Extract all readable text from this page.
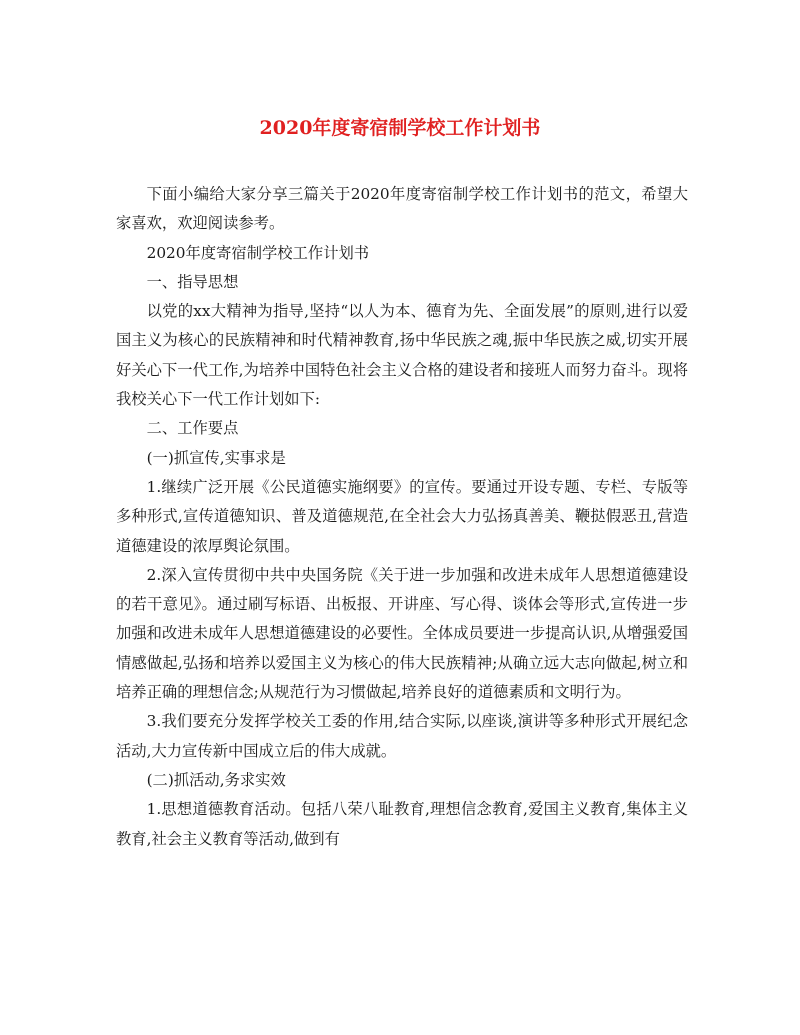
2020年度寄宿制学校工作计划书

下面小编给大家分享三篇关于2020年度寄宿制学校工作计划书的范文，希望大家喜欢，欢迎阅读参考。

2020年度寄宿制学校工作计划书

一、指导思想

以党的xx大精神为指导,坚持“以人为本、德育为先、全面发展”的原则,进行以爱国主义为核心的民族精神和时代精神教育,扬中华民族之魂,振中华民族之威,切实开展好关心下一代工作,为培养中国特色社会主义合格的建设者和接班人而努力奋斗。现将我校关心下一代工作计划如下:

二、工作要点

(一)抓宣传,实事求是

1.继续广泛开展《公民道德实施纲要》的宣传。要通过开设专题、专栏、专版等多种形式,宣传道德知识、普及道德规范,在全社会大力弘扬真善美、鞭挞假恶丑,营造道德建设的浓厚舆论氛围。

2.深入宣传贯彻中共中央国务院《关于进一步加强和改进未成年人思想道德建设的若干意见》。通过刷写标语、出板报、开讲座、写心得、谈体会等形式,宣传进一步加强和改进未成年人思想道德建设的必要性。全体成员要进一步提高认识,从增强爱国情感做起,弘扬和培养以爱国主义为核心的伟大民族精神;从确立远大志向做起,树立和培养正确的理想信念;从规范行为习惯做起,培养良好的道德素质和文明行为。

3.我们要充分发挥学校关工委的作用,结合实际,以座谈,演讲等多种形式开展纪念活动,大力宣传新中国成立后的伟大成就。

(二)抓活动,务求实效

1.思想道德教育活动。包括八荣八耻教育,理想信念教育,爱国主义教育,集体主义教育,社会主义教育等活动,做到有
